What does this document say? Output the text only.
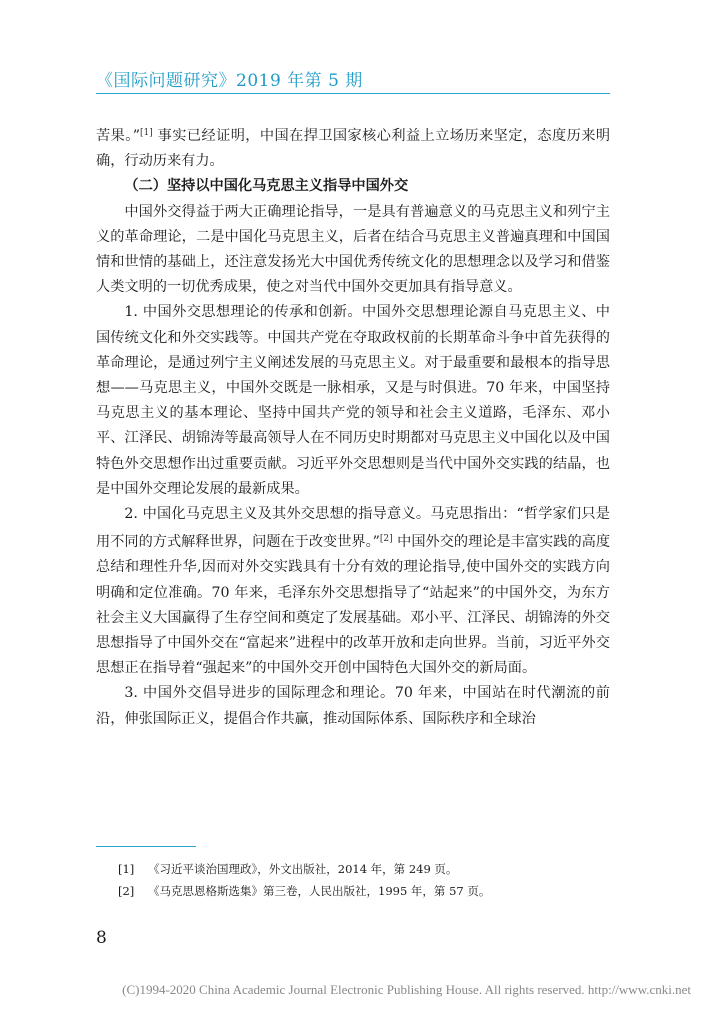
《国际问题研究》2019 年第 5 期

苦果。”[1] 事实已经证明，中国在捍卫国家核心利益上立场历来坚定，态度历来明确，行动历来有力。

（二）坚持以中国化马克思主义指导中国外交

中国外交得益于两大正确理论指导，一是具有普遍意义的马克思主义和列宁主义的革命理论，二是中国化马克思主义，后者在结合马克思主义普遍真理和中国国情和世情的基础上，还注意发扬光大中国优秀传统文化的思想理念以及学习和借鉴人类文明的一切优秀成果，使之对当代中国外交更加具有指导意义。

1. 中国外交思想理论的传承和创新。中国外交思想理论源自马克思主义、中国传统文化和外交实践等。中国共产党在夺取政权前的长期革命斗争中首先获得的革命理论，是通过列宁主义阐述发展的马克思主义。对于最重要和最根本的指导思想——马克思主义，中国外交既是一脉相承，又是与时俱进。70 年来，中国坚持马克思主义的基本理论、坚持中国共产党的领导和社会主义道路，毛泽东、邓小平、江泽民、胡锦涛等最高领导人在不同历史时期都对马克思主义中国化以及中国特色外交思想作出过重要贡献。习近平外交思想则是当代中国外交实践的结晶，也是中国外交理论发展的最新成果。

2. 中国化马克思主义及其外交思想的指导意义。马克思指出：“哲学家们只是用不同的方式解释世界，问题在于改变世界。”[2] 中国外交的理论是丰富实践的高度总结和理性升华,因而对外交实践具有十分有效的理论指导,使中国外交的实践方向明确和定位准确。70 年来，毛泽东外交思想指导了“站起来”的中国外交，为东方社会主义大国赢得了生存空间和奠定了发展基础。邓小平、江泽民、胡锦涛的外交思想指导了中国外交在“富起来”进程中的改革开放和走向世界。当前，习近平外交思想正在指导着“强起来”的中国外交开创中国特色大国外交的新局面。

3. 中国外交倡导进步的国际理念和理论。70 年来，中国站在时代潮流的前沿，伸张国际正义，提倡合作共赢，推动国际体系、国际秩序和全球治

[1] 《习近平谈治国理政》，外文出版社，2014 年，第 249 页。

[2] 《马克思恩格斯选集》第三卷，人民出版社，1995 年，第 57 页。

8
(C)1994-2020 China Academic Journal Electronic Publishing House. All rights reserved. http://www.cnki.net
